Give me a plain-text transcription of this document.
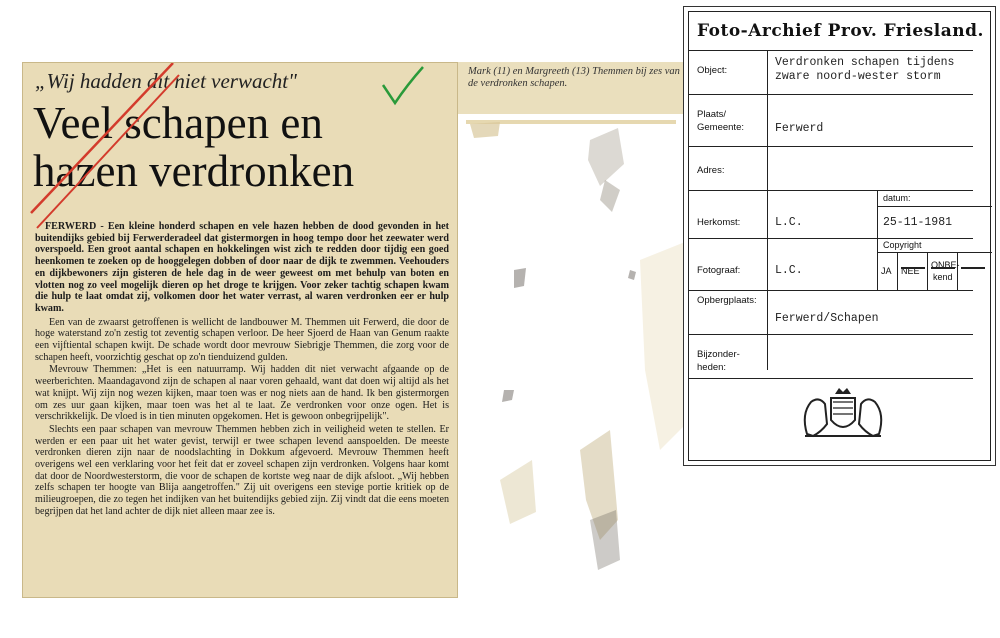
„Wij hadden dit niet verwacht"
Veel schapen en
hazen verdronken

FERWERD - Een kleine honderd schapen en vele hazen hebben de dood gevonden in het buitendijks gebied bij Ferwerderadeel dat gistermorgen in hoog tempo door het zeewater werd overspoeld. Een groot aantal schapen en hokkelingen wist zich te redden door tijdig een goed heenkomen te zoeken op de hooggelegen dobben of door naar de dijk te zwemmen. Veehouders en dijkbewoners zijn gisteren de hele dag in de weer geweest om met behulp van boten en vlotten nog zo veel mogelijk dieren op het droge te krijgen. Voor zeker tachtig schapen kwam die hulp te laat omdat zij, volkomen door het water verrast, al waren verdronken eer er hulp kwam.

Een van de zwaarst getroffenen is wellicht de landbouwer M. Themmen uit Ferwerd, die door de hoge waterstand zo'n zestig tot zeventig schapen verloor. De heer Sjoerd de Haan van Genum raakte een vijftiental schapen kwijt. De schade wordt door mevrouw Siebrigje Themmen, die zorg voor de schapen heeft, voorzichtig geschat op zo'n tienduizend gulden.

Mevrouw Themmen: „Het is een natuurramp. Wij hadden dit niet verwacht afgaande op de weerberichten. Maandagavond zijn de schapen al naar voren gehaald, want dat doen wij altijd als het wat knijpt. Wij zijn nog wezen kijken, maar toen was er nog niets aan de hand. Ik ben gistermorgen om zes uur gaan kijken, maar toen was het al te laat. Ze verdronken voor onze ogen. Het is verschrikkelijk. De vloed is in tien minuten opgekomen. Het is gewoon onbegrijpelijk".

Slechts een paar schapen van mevrouw Themmen hebben zich in veiligheid weten te stellen. Er werden er een paar uit het water gevist, terwijl er twee schapen levend aanspoelden. De meeste verdronken dieren zijn naar de noodslachting in Dokkum afgevoerd. Mevrouw Themmen heeft overigens wel een verklaring voor het feit dat er zoveel schapen zijn verdronken. Volgens haar komt dat door de Noordwesterstorm, die voor de schapen de kortste weg naar de dijk afsloot. „Wij hebben zelfs schapen ter hoogte van Blija aangetroffen." Zij uit overigens een stevige portie kritiek op de milieugroepen, die zo tegen het indijken van het buitendijks gebied zijn. Zij vindt dat die eens moeten begrijpen dat het land achter de dijk niet alleen maar zee is.

Mark (11) en Margreeth (13) Themmen bij zes van de verdronken schapen.
Foto-Archief Prov. Friesland.
Object:
Verdronken schapen tijdens
zware noord-wester storm
Plaats/
Gemeente:	Ferwerd
Adres:
datum:
Herkomst:	L.C.	25-11-1981
Copyright
Fotograaf:	L.C.	JA NEE
ONBE-
kend
Opbergplaats:
Ferwerd/Schapen
Bijzonder-
heden:
